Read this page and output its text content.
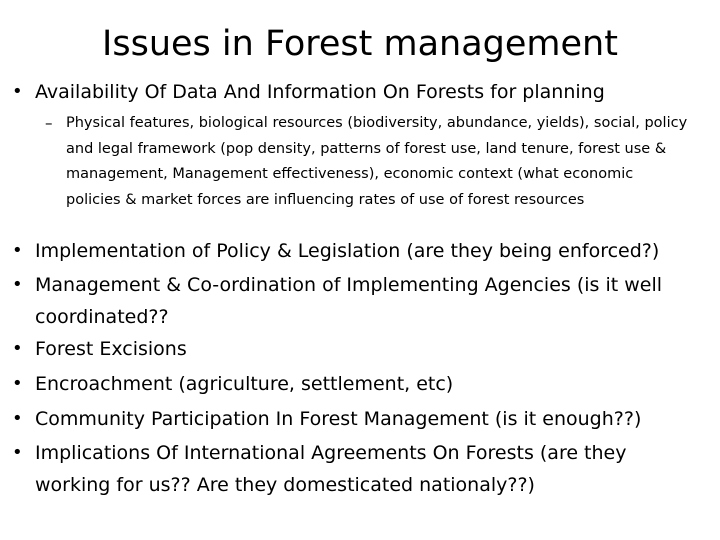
Issues in Forest management
• Availability Of Data And Information On Forests for planning
– Physical features, biological resources (biodiversity, abundance, yields), social, policy and legal framework (pop density, patterns of forest use, land tenure, forest use & management, Management effectiveness), economic context (what economic policies & market forces are influencing rates of use of forest resources
• Implementation of Policy & Legislation (are they being enforced?)
• Management & Co-ordination of Implementing Agencies (is it well coordinated??
• Forest Excisions
• Encroachment (agriculture, settlement, etc)
• Community Participation In Forest Management (is it enough??)
• Implications Of International Agreements On Forests (are they working for us?? Are they domesticated nationaly??)
